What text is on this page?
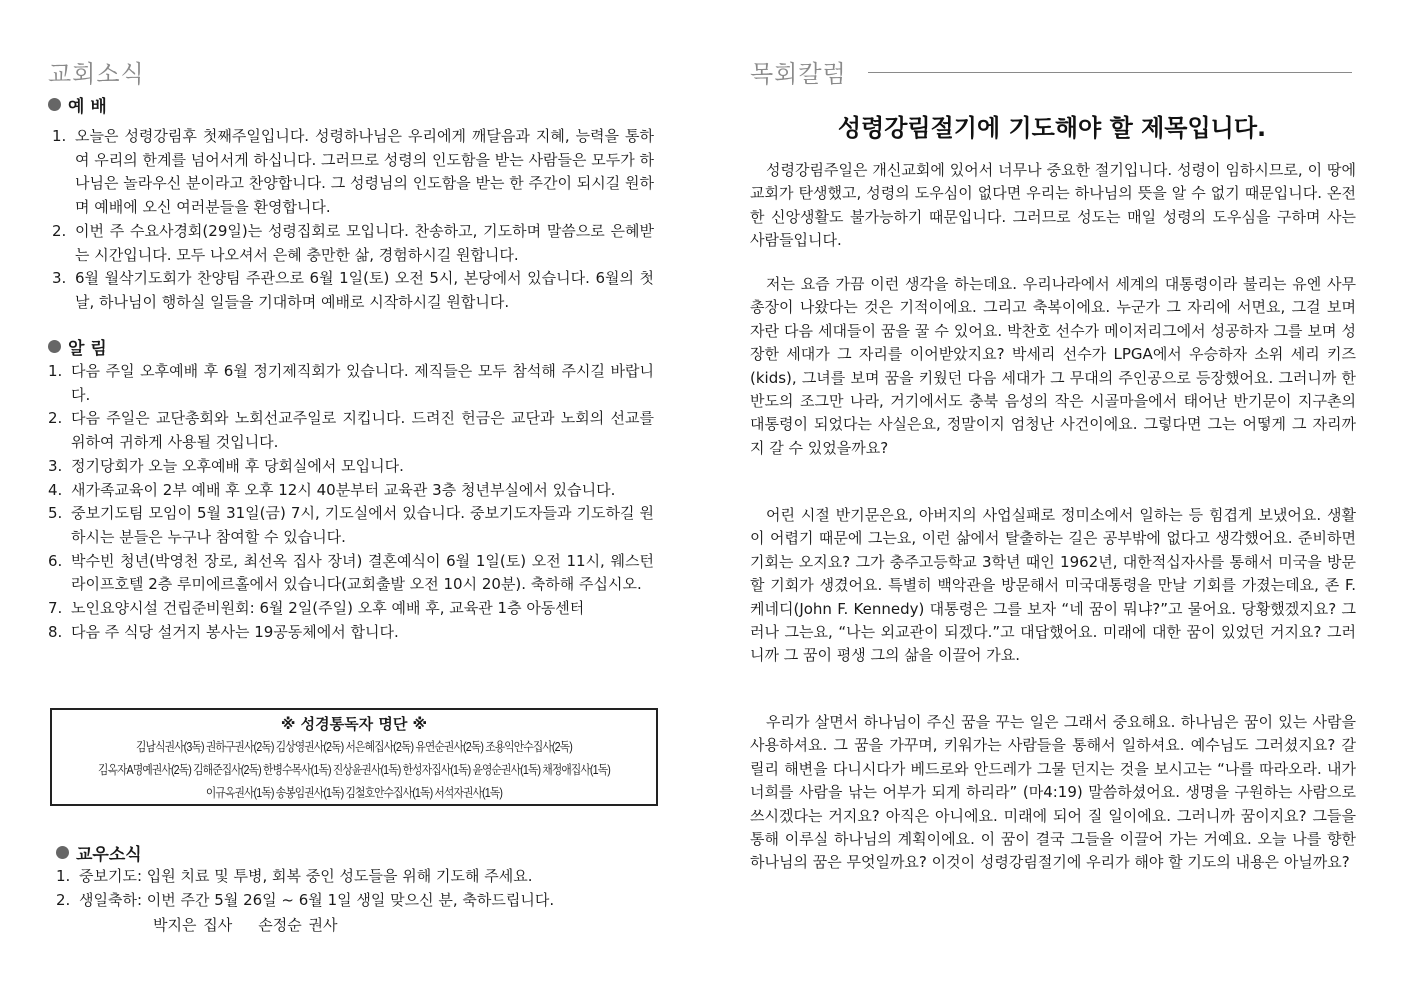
교회소식
예 배
1. 오늘은 성령강림후 첫째주일입니다. 성령하나님은 우리에게 깨달음과 지혜, 능력을 통하여 우리의 한계를 넘어서게 하십니다. 그러므로 성령의 인도함을 받는 사람들은 모두가 하나님은 놀라우신 분이라고 찬양합니다. 그 성령님의 인도함을 받는 한 주간이 되시길 원하며 예배에 오신 여러분들을 환영합니다.
2. 이번 주 수요사경회(29일)는 성령집회로 모입니다. 찬송하고, 기도하며 말씀으로 은혜받는 시간입니다. 모두 나오셔서 은혜 충만한 삶, 경험하시길 원합니다.
3. 6월 월삭기도회가 찬양팀 주관으로 6월 1일(토) 오전 5시, 본당에서 있습니다. 6월의 첫날, 하나님이 행하실 일들을 기대하며 예배로 시작하시길 원합니다.
알 림
1. 다음 주일 오후예배 후 6월 정기제직회가 있습니다. 제직들은 모두 참석해 주시길 바랍니다.
2. 다음 주일은 교단총회와 노회선교주일로 지킵니다. 드려진 헌금은 교단과 노회의 선교를 위하여 귀하게 사용될 것입니다.
3. 정기당회가 오늘 오후예배 후 당회실에서 모입니다.
4. 새가족교육이 2부 예배 후 오후 12시 40분부터 교육관 3층 청년부실에서 있습니다.
5. 중보기도팀 모임이 5월 31일(금) 7시, 기도실에서 있습니다. 중보기도자들과 기도하길 원하시는 분들은 누구나 참여할 수 있습니다.
6. 박수빈 청년(박영천 장로, 최선옥 집사 장녀) 결혼예식이 6월 1일(토) 오전 11시, 웨스턴라이프호텔 2층 루미에르홀에서 있습니다(교회출발 오전 10시 20분). 축하해 주십시오.
7. 노인요양시설 건립준비원회: 6월 2일(주일) 오후 예배 후, 교육관 1층 아동센터
8. 다음 주 식당 설거지 봉사는 19공동체에서 합니다.
※ 성경통독자 명단 ※
김남식권사(3독) 권하구권사(2독) 김상영권사(2독) 서은혜집사(2독) 유연순권사(2독) 조용익안수집사(2독)
김옥자A명예권사(2독) 김해준집사(2독) 한병수목사(1독) 진상윤권사(1독) 한성자집사(1독) 윤영순권사(1독) 채정애집사(1독)
이규옥권사(1독) 송봉임권사(1독) 김철호안수집사(1독) 서석자권사(1독)
교우소식
1. 중보기도: 입원 치료 및 투병, 회복 중인 성도들을 위해 기도해 주세요.
2. 생일축하: 이번 주간 5월 26일 ~ 6월 1일 생일 맞으신 분, 축하드립니다.
박지은 집사 손정순 권사
목회칼럼
성령강림절기에 기도해야 할 제목입니다.

성령강림주일은 개신교회에 있어서 너무나 중요한 절기입니다. 성령이 임하시므로, 이 땅에 교회가 탄생했고, 성령의 도우심이 없다면 우리는 하나님의 뜻을 알 수 없기 때문입니다. 온전한 신앙생활도 불가능하기 때문입니다. 그러므로 성도는 매일 성령의 도우심을 구하며 사는 사람들입니다.

저는 요즘 가끔 이런 생각을 하는데요. 우리나라에서 세계의 대통령이라 불리는 유엔 사무총장이 나왔다는 것은 기적이에요. 그리고 축복이에요. 누군가 그 자리에 서면요, 그걸 보며 자란 다음 세대들이 꿈을 꿀 수 있어요. 박찬호 선수가 메이저리그에서 성공하자 그를 보며 성장한 세대가 그 자리를 이어받았지요? 박세리 선수가 LPGA에서 우승하자 소위 세리 키즈(kids), 그녀를 보며 꿈을 키웠던 다음 세대가 그 무대의 주인공으로 등장했어요. 그러니까 한반도의 조그만 나라, 거기에서도 충북 음성의 작은 시골마을에서 태어난 반기문이 지구촌의 대통령이 되었다는 사실은요, 정말이지 엄청난 사건이에요. 그렇다면 그는 어떻게 그 자리까지 갈 수 있었을까요?

어린 시절 반기문은요, 아버지의 사업실패로 정미소에서 일하는 등 힘겹게 보냈어요. 생활이 어렵기 때문에 그는요, 이런 삶에서 탈출하는 길은 공부밖에 없다고 생각했어요. 준비하면 기회는 오지요? 그가 충주고등학교 3학년 때인 1962년, 대한적십자사를 통해서 미국을 방문할 기회가 생겼어요. 특별히 백악관을 방문해서 미국대통령을 만날 기회를 가졌는데요, 존 F. 케네디(John F. Kennedy) 대통령은 그를 보자 “네 꿈이 뭐냐?”고 물어요. 당황했겠지요? 그러나 그는요, “나는 외교관이 되겠다.”고 대답했어요. 미래에 대한 꿈이 있었던 거지요? 그러니까 그 꿈이 평생 그의 삶을 이끌어 가요.

우리가 살면서 하나님이 주신 꿈을 꾸는 일은 그래서 중요해요. 하나님은 꿈이 있는 사람을 사용하셔요. 그 꿈을 가꾸며, 키워가는 사람들을 통해서 일하셔요. 예수님도 그러셨지요? 갈릴리 해변을 다니시다가 베드로와 안드레가 그물 던지는 것을 보시고는 “나를 따라오라. 내가 너희를 사람을 낚는 어부가 되게 하리라” (마4:19) 말씀하셨어요. 생명을 구원하는 사람으로 쓰시겠다는 거지요? 아직은 아니에요. 미래에 되어 질 일이에요. 그러니까 꿈이지요? 그들을 통해 이루실 하나님의 계획이에요. 이 꿈이 결국 그들을 이끌어 가는 거예요. 오늘 나를 향한 하나님의 꿈은 무엇일까요? 이것이 성령강림절기에 우리가 해야 할 기도의 내용은 아닐까요?
